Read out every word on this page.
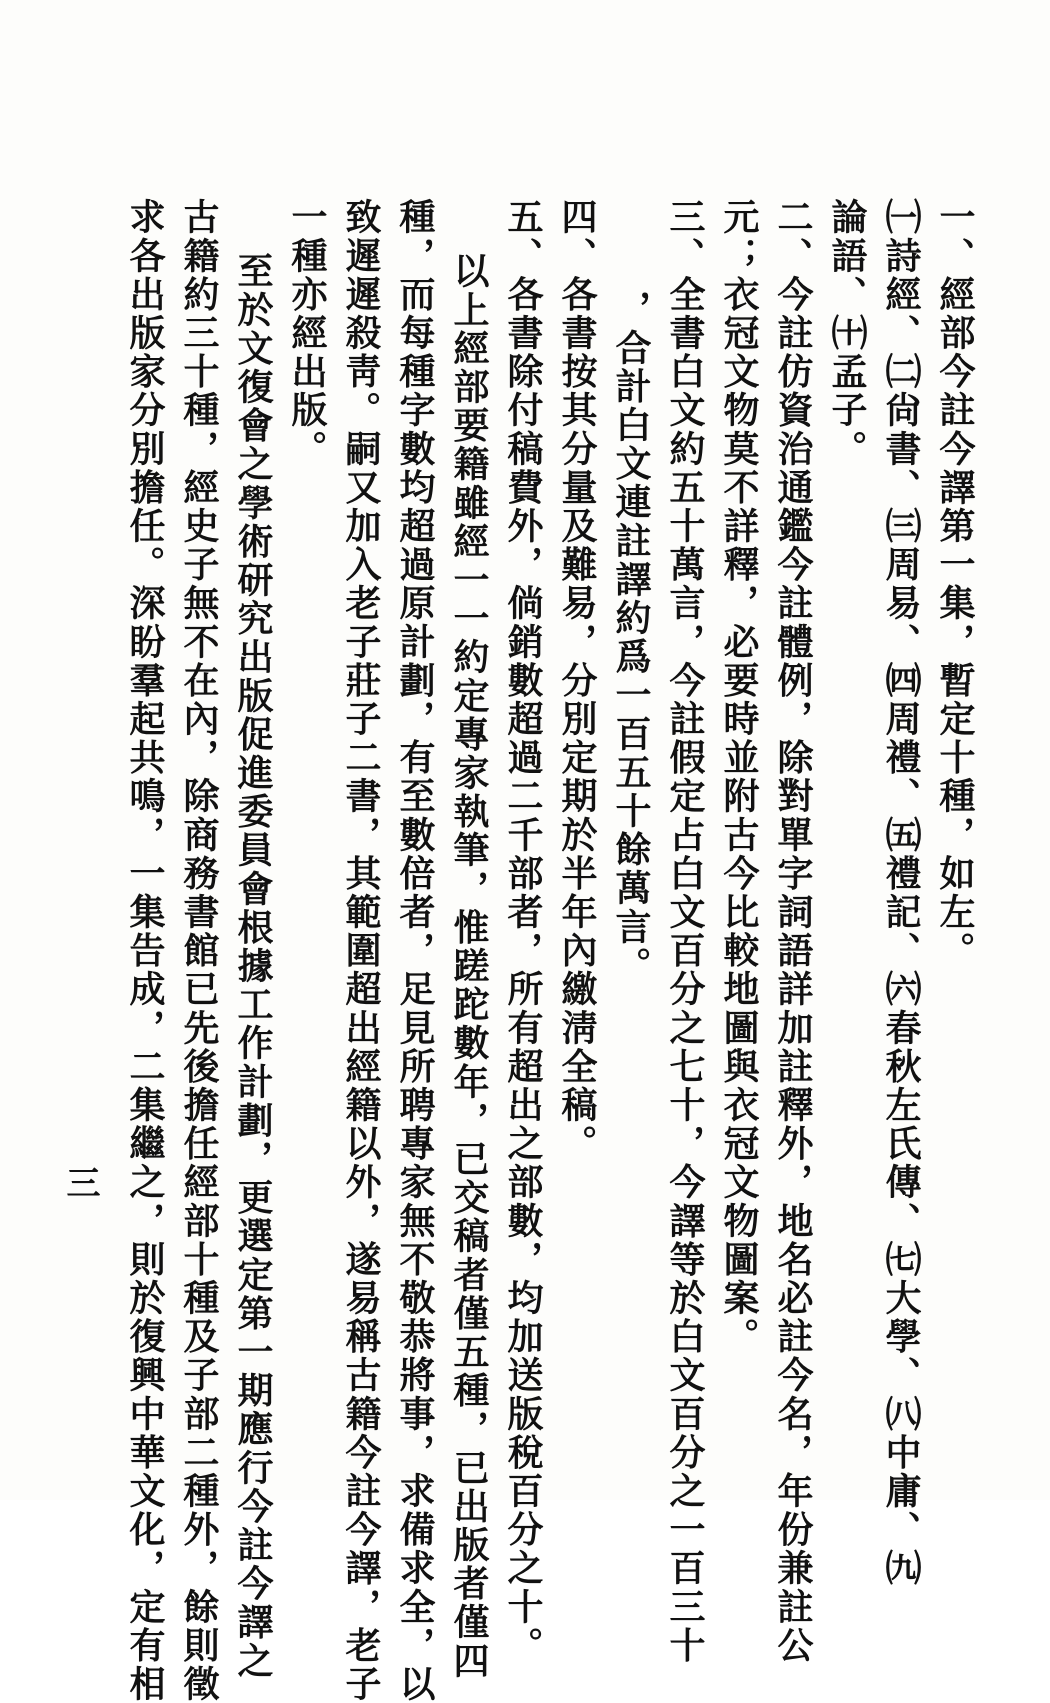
一、經部今註今譯第一集，暫定十種，如左。
㈠詩經、㈡尙書、㈢周易、㈣周禮、㈤禮記、㈥春秋左氏傳、㈦大學、㈧中庸、㈨
論語、㈩孟子。
二、今註仿資治通鑑今註體例，除對單字詞語詳加註釋外，地名必註今名，年份兼註公
元；衣冠文物莫不詳釋，必要時並附古今比較地圖與衣冠文物圖案。
三、全書白文約五十萬言，今註假定占白文百分之七十，今譯等於白文百分之一百三十
，合計白文連註譯約爲一百五十餘萬言。
四、各書按其分量及難易，分別定期於半年內繳淸全稿。
五、各書除付稿費外，倘銷數超過二千部者，所有超出之部數，均加送版稅百分之十。
以上經部要籍雖經一一約定專家執筆，惟蹉跎數年，已交稿者僅五種，已出版者僅四
種，而每種字數均超過原計劃，有至數倍者，足見所聘專家無不敬恭將事，求備求全，以
致遲遲殺靑。嗣又加入老子莊子二書，其範圍超出經籍以外，遂易稱古籍今註今譯，老子
一種亦經出版。
至於文復會之學術研究出版促進委員會根據工作計劃，更選定第一期應行今註今譯之
古籍約三十種，經史子無不在內，除商務書館已先後擔任經部十種及子部二種外，餘則徵
求各出版家分別擔任。深盼羣起共鳴，一集告成，二集繼之，則於復興中華文化，定有相
三
